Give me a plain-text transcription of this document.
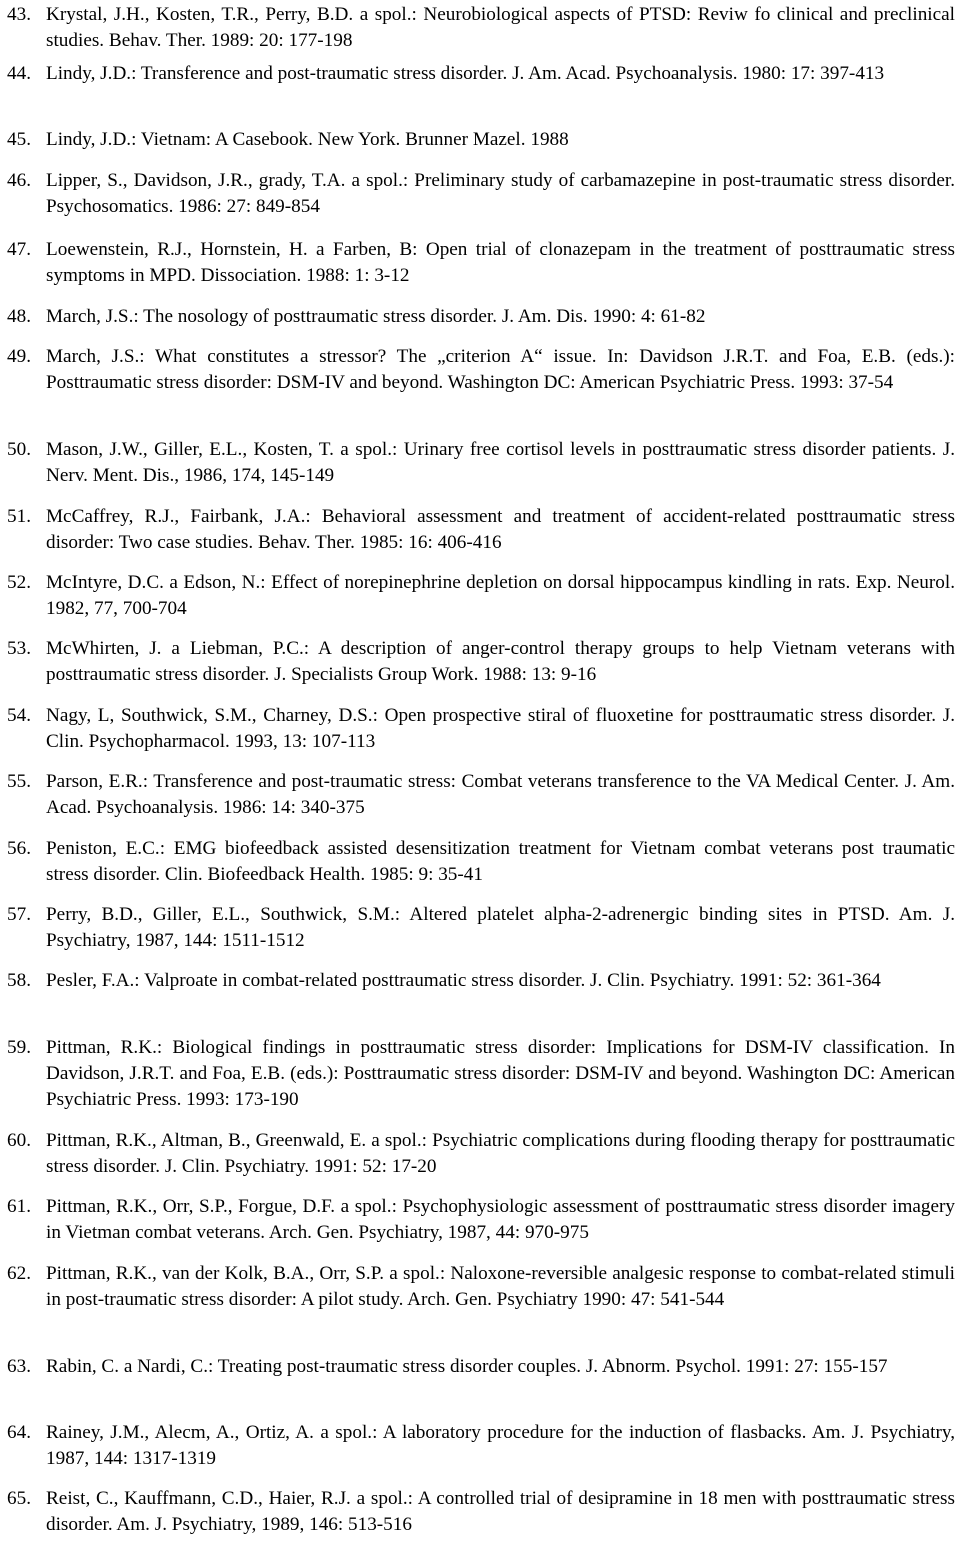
43. Krystal, J.H., Kosten, T.R., Perry, B.D. a spol.: Neurobiological aspects of PTSD: Reviw fo clinical and preclinical studies. Behav. Ther. 1989: 20: 177-198
44. Lindy, J.D.: Transference and post-traumatic stress disorder. J. Am. Acad. Psychoanalysis. 1980: 17: 397-413
45. Lindy, J.D.: Vietnam: A Casebook. New York. Brunner Mazel. 1988
46. Lipper, S., Davidson, J.R., grady, T.A. a spol.: Preliminary study of carbamazepine in post-traumatic stress disorder. Psychosomatics. 1986: 27: 849-854
47. Loewenstein, R.J., Hornstein, H. a Farben, B: Open trial of clonazepam in the treatment of posttraumatic stress symptoms in MPD. Dissociation. 1988: 1: 3-12
48. March, J.S.: The nosology of posttraumatic stress disorder. J. Am. Dis. 1990: 4: 61-82
49. March, J.S.: What constitutes a stressor? The „criterion A“ issue. In: Davidson J.R.T. and Foa, E.B. (eds.): Posttraumatic stress disorder: DSM-IV and beyond. Washington DC: American Psychiatric Press. 1993: 37-54
50. Mason, J.W., Giller, E.L., Kosten, T. a spol.: Urinary free cortisol levels in posttraumatic stress disorder patients. J. Nerv. Ment. Dis., 1986, 174, 145-149
51. McCaffrey, R.J., Fairbank, J.A.: Behavioral assessment and treatment of accident-related posttraumatic stress disorder: Two case studies. Behav. Ther. 1985: 16: 406-416
52. McIntyre, D.C. a Edson, N.: Effect of norepinephrine depletion on dorsal hippocampus kindling in rats. Exp. Neurol. 1982, 77, 700-704
53. McWhirten, J. a Liebman, P.C.: A description of anger-control therapy groups to help Vietnam veterans with posttraumatic stress disorder. J. Specialists Group Work. 1988: 13: 9-16
54. Nagy, L, Southwick, S.M., Charney, D.S.: Open prospective stiral of fluoxetine for posttraumatic stress disorder. J. Clin. Psychopharmacol. 1993, 13: 107-113
55. Parson, E.R.: Transference and post-traumatic stress: Combat veterans transference to the VA Medical Center. J. Am. Acad. Psychoanalysis. 1986: 14: 340-375
56. Peniston, E.C.: EMG biofeedback assisted desensitization treatment for Vietnam combat veterans post traumatic stress disorder. Clin. Biofeedback Health. 1985: 9: 35-41
57. Perry, B.D., Giller, E.L., Southwick, S.M.: Altered platelet alpha-2-adrenergic binding sites in PTSD. Am. J. Psychiatry, 1987, 144: 1511-1512
58. Pesler, F.A.: Valproate in combat-related posttraumatic stress disorder. J. Clin. Psychiatry. 1991: 52: 361-364
59. Pittman, R.K.: Biological findings in posttraumatic stress disorder: Implications for DSM-IV classification. In Davidson, J.R.T. and Foa, E.B. (eds.): Posttraumatic stress disorder: DSM-IV and beyond. Washington DC: American Psychiatric Press. 1993: 173-190
60. Pittman, R.K., Altman, B., Greenwald, E. a spol.: Psychiatric complications during flooding therapy for posttraumatic stress disorder. J. Clin. Psychiatry. 1991: 52: 17-20
61. Pittman, R.K., Orr, S.P., Forgue, D.F. a spol.: Psychophysiologic assessment of posttraumatic stress disorder imagery in Vietman combat veterans. Arch. Gen. Psychiatry, 1987, 44: 970-975
62. Pittman, R.K., van der Kolk, B.A., Orr, S.P. a spol.: Naloxone-reversible analgesic response to combat-related stimuli in post-traumatic stress disorder: A pilot study. Arch. Gen. Psychiatry 1990: 47: 541-544
63. Rabin, C. a Nardi, C.: Treating post-traumatic stress disorder couples. J. Abnorm. Psychol. 1991: 27: 155-157
64. Rainey, J.M., Alecm, A., Ortiz, A. a spol.: A laboratory procedure for the induction of flasbacks. Am. J. Psychiatry, 1987, 144: 1317-1319
65. Reist, C., Kauffmann, C.D., Haier, R.J. a spol.: A controlled trial of desipramine in 18 men with posttraumatic stress disorder. Am. J. Psychiatry, 1989, 146: 513-516
